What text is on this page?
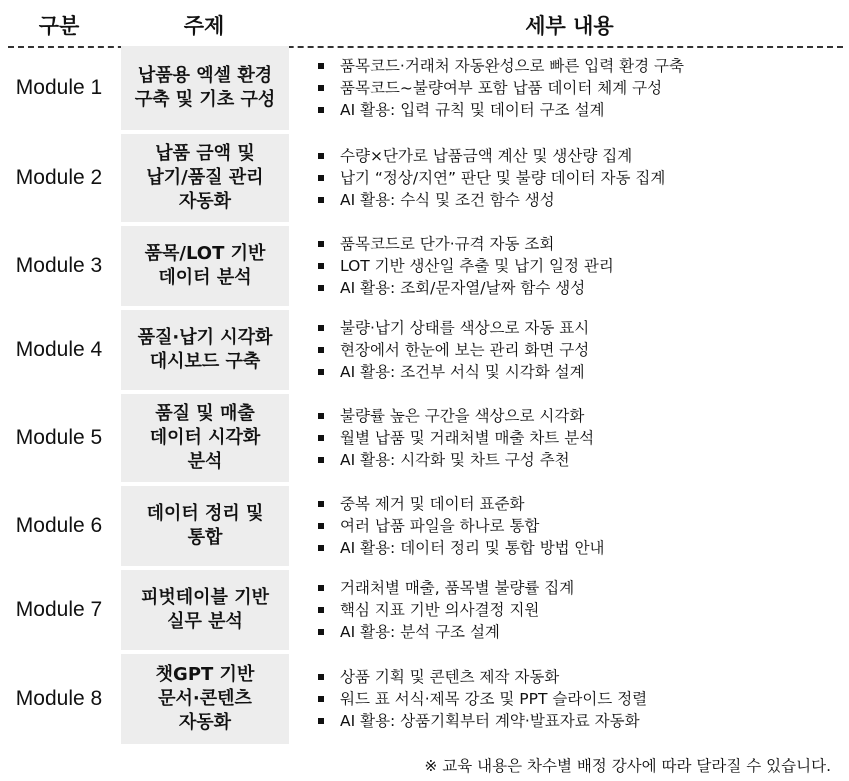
구분	주제	세부 내용
Module 1
납품용 엑셀 환경
구축 및 기초 구성
품목코드·거래처 자동완성으로 빠른 입력 환경 구축
품목코드~불량여부 포함 납품 데이터 체계 구성
AI 활용: 입력 규칙 및 데이터 구조 설계
Module 2
납품 금액 및
납기/품질 관리
자동화
수량×단가로 납품금액 계산 및 생산량 집계
납기 “정상/지연” 판단 및 불량 데이터 자동 집계
AI 활용: 수식 및 조건 함수 생성
Module 3
품목/LOT 기반
데이터 분석
품목코드로 단가·규격 자동 조회
LOT 기반 생산일 추출 및 납기 일정 관리
AI 활용: 조회/문자열/날짜 함수 생성
Module 4
품질·납기 시각화
대시보드 구축
불량·납기 상태를 색상으로 자동 표시
현장에서 한눈에 보는 관리 화면 구성
AI 활용: 조건부 서식 및 시각화 설계
Module 5
품질 및 매출
데이터 시각화
분석
불량률 높은 구간을 색상으로 시각화
월별 납품 및 거래처별 매출 차트 분석
AI 활용: 시각화 및 차트 구성 추천
Module 6
데이터 정리 및
통합
중복 제거 및 데이터 표준화
여러 납품 파일을 하나로 통합
AI 활용: 데이터 정리 및 통합 방법 안내
Module 7
피벗테이블 기반
실무 분석
거래처별 매출, 품목별 불량률 집계
핵심 지표 기반 의사결정 지원
AI 활용: 분석 구조 설계
Module 8
챗GPT 기반
문서·콘텐츠
자동화
상품 기획 및 콘텐츠 제작 자동화
워드 표 서식·제목 강조 및 PPT 슬라이드 정렬
AI 활용: 상품기획부터 계약·발표자료 자동화
※ 교육 내용은 차수별 배정 강사에 따라 달라질 수 있습니다.
